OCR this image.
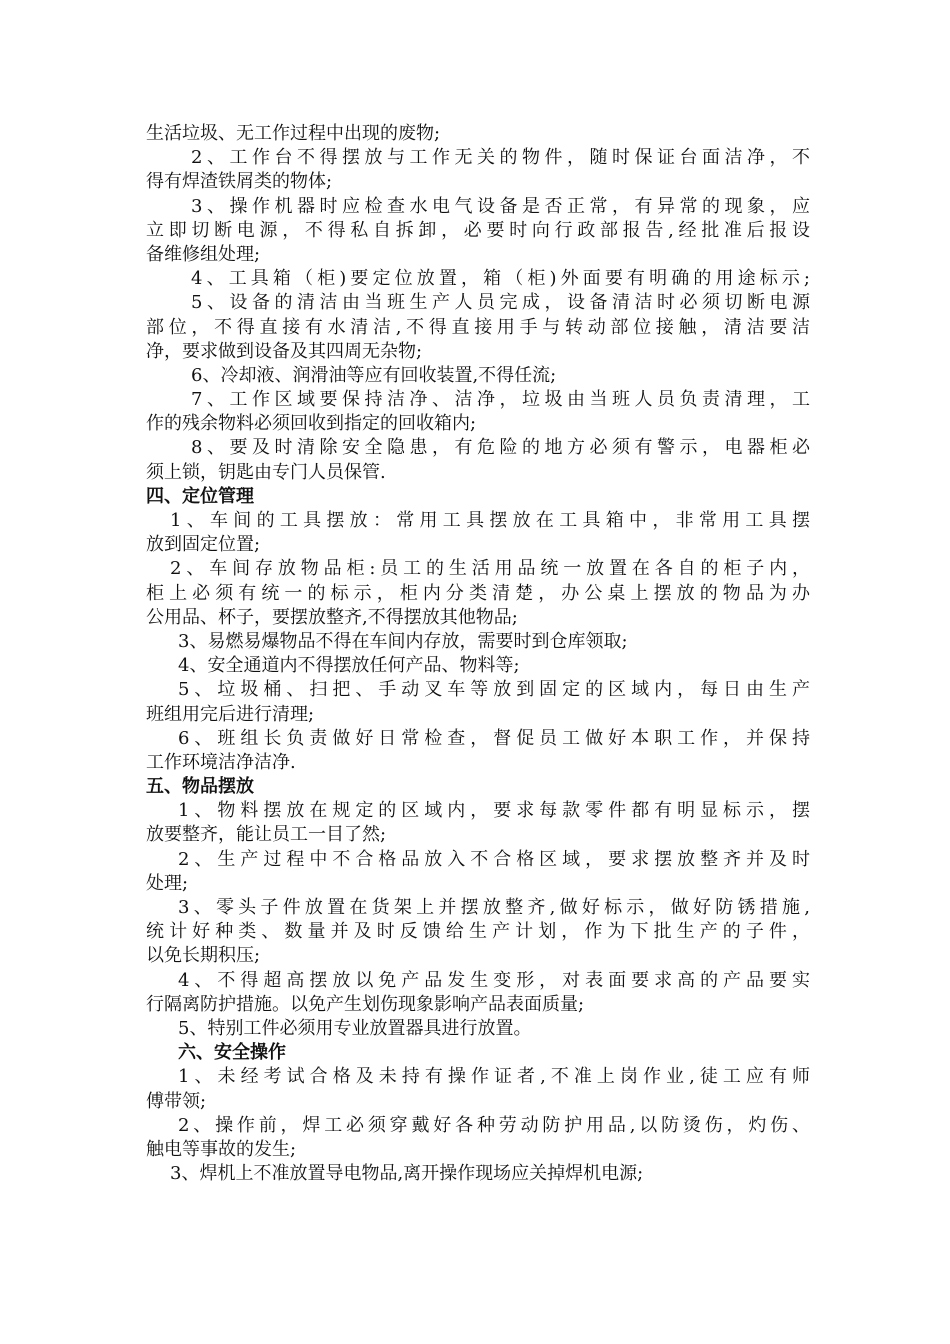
生活垃圾、无工作过程中出现的废物;
2、工作台不得摆放与工作无关的物件，随时保证台面洁净，不
得有焊渣铁屑类的物体;
3、操作机器时应检查水电气设备是否正常，有异常的现象，应
立即切断电源，不得私自拆卸，必要时向行政部报告,经批准后报设
备维修组处理;
4、工具箱（柜)要定位放置，箱（柜)外面要有明确的用途标示;
5、设备的清洁由当班生产人员完成，设备清洁时必须切断电源
部位，不得直接有水清洁,不得直接用手与转动部位接触，清洁要洁
净，要求做到设备及其四周无杂物;
6、冷却液、润滑油等应有回收装置,不得任流;
7、工作区域要保持洁净、洁净，垃圾由当班人员负责清理，工
作的残余物料必须回收到指定的回收箱内;
8、要及时清除安全隐患，有危险的地方必须有警示，电器柜必
须上锁，钥匙由专门人员保管.
四、定位管理
1、车间的工具摆放：常用工具摆放在工具箱中，非常用工具摆
放到固定位置;
2、车间存放物品柜:员工的生活用品统一放置在各自的柜子内，
柜上必须有统一的标示，柜内分类清楚，办公桌上摆放的物品为办
公用品、杯子，要摆放整齐,不得摆放其他物品;
3、易燃易爆物品不得在车间内存放，需要时到仓库领取;
4、安全通道内不得摆放任何产品、物料等;
5、垃圾桶、扫把、手动叉车等放到固定的区域内，每日由生产
班组用完后进行清理;
6、班组长负责做好日常检查，督促员工做好本职工作，并保持
工作环境洁净洁净.
五、物品摆放
1、物料摆放在规定的区域内，要求每款零件都有明显标示，摆
放要整齐，能让员工一目了然;
2、生产过程中不合格品放入不合格区域，要求摆放整齐并及时
处理;
3、零头子件放置在货架上并摆放整齐,做好标示，做好防锈措施,
统计好种类、数量并及时反馈给生产计划，作为下批生产的子件，
以免长期积压;
4、不得超高摆放以免产品发生变形，对表面要求高的产品要实
行隔离防护措施。以免产生划伤现象影响产品表面质量;
5、特别工件必须用专业放置器具进行放置。
六、安全操作
1、未经考试合格及未持有操作证者,不准上岗作业,徒工应有师
傅带领;
2、操作前，焊工必须穿戴好各种劳动防护用品,以防烫伤，灼伤、
触电等事故的发生;
3、焊机上不准放置导电物品,离开操作现场应关掉焊机电源;
